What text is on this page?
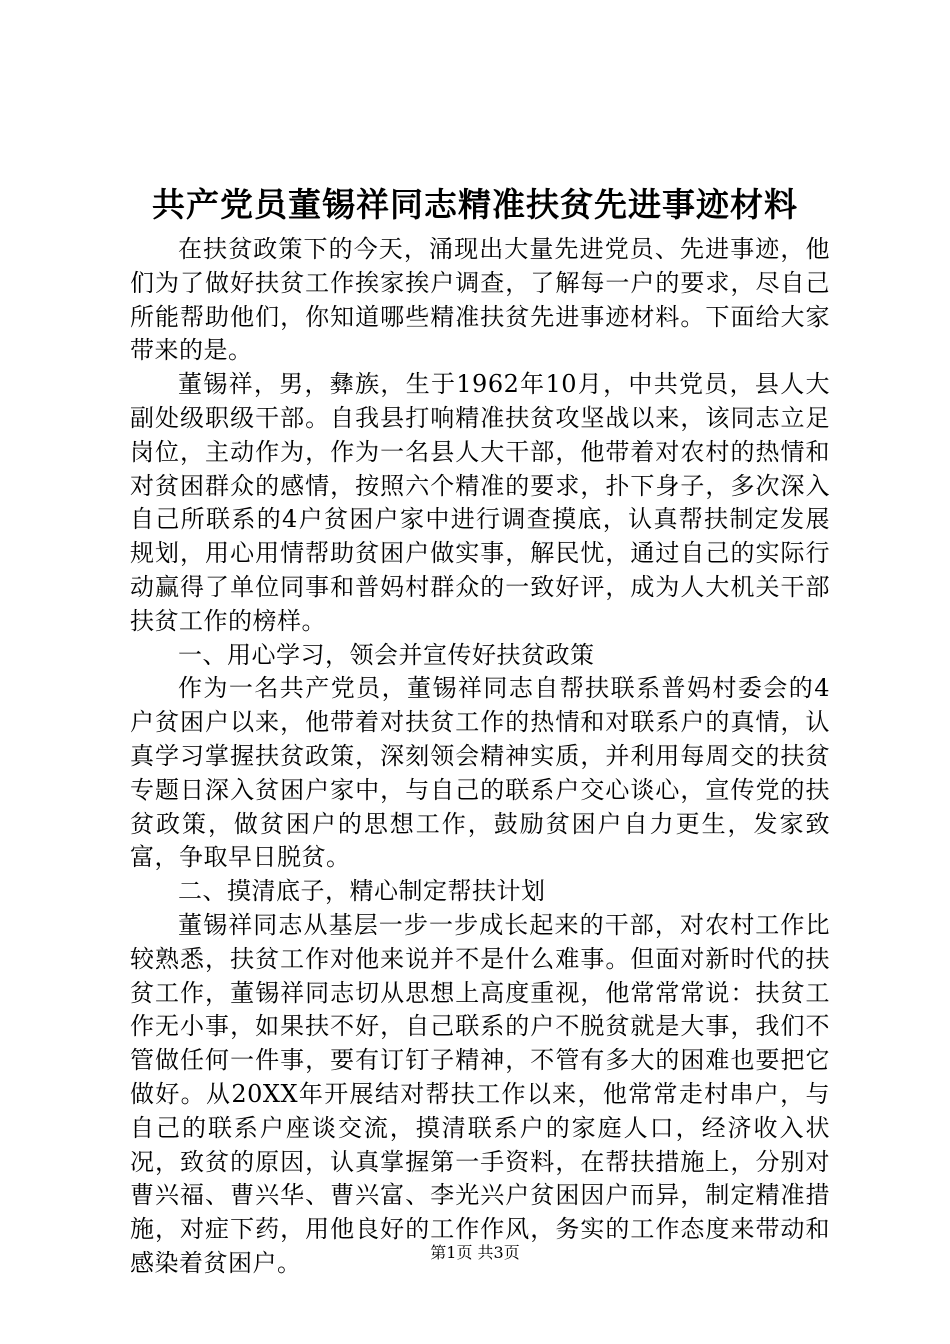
共产党员董锡祥同志精准扶贫先进事迹材料

在扶贫政策下的今天，涌现出大量先进党员、先进事迹，他们为了做好扶贫工作挨家挨户调查，了解每一户的要求，尽自己所能帮助他们，你知道哪些精准扶贫先进事迹材料。下面给大家带来的是。

董锡祥，男，彝族，生于1962年10月，中共党员，县人大副处级职级干部。自我县打响精准扶贫攻坚战以来，该同志立足岗位，主动作为，作为一名县人大干部，他带着对农村的热情和对贫困群众的感情，按照六个精准的要求，扑下身子，多次深入自己所联系的4户贫困户家中进行调查摸底，认真帮扶制定发展规划，用心用情帮助贫困户做实事，解民忧，通过自己的实际行动赢得了单位同事和普妈村群众的一致好评，成为人大机关干部扶贫工作的榜样。

一、用心学习，领会并宣传好扶贫政策

作为一名共产党员，董锡祥同志自帮扶联系普妈村委会的4户贫困户以来，他带着对扶贫工作的热情和对联系户的真情，认真学习掌握扶贫政策，深刻领会精神实质，并利用每周交的扶贫专题日深入贫困户家中，与自己的联系户交心谈心，宣传党的扶贫政策，做贫困户的思想工作，鼓励贫困户自力更生，发家致富，争取早日脱贫。

二、摸清底子，精心制定帮扶计划

董锡祥同志从基层一步一步成长起来的干部，对农村工作比较熟悉，扶贫工作对他来说并不是什么难事。但面对新时代的扶贫工作，董锡祥同志切从思想上高度重视，他常常常说：扶贫工作无小事，如果扶不好，自己联系的户不脱贫就是大事，我们不管做任何一件事，要有订钉子精神，不管有多大的困难也要把它做好。从20XX年开展结对帮扶工作以来，他常常走村串户，与自己的联系户座谈交流，摸清联系户的家庭人口，经济收入状况，致贫的原因，认真掌握第一手资料，在帮扶措施上，分别对曹兴福、曹兴华、曹兴富、李光兴户贫困因户而异，制定精准措施，对症下药，用他良好的工作作风，务实的工作态度来带动和感染着贫困户。	第1页 共3页
